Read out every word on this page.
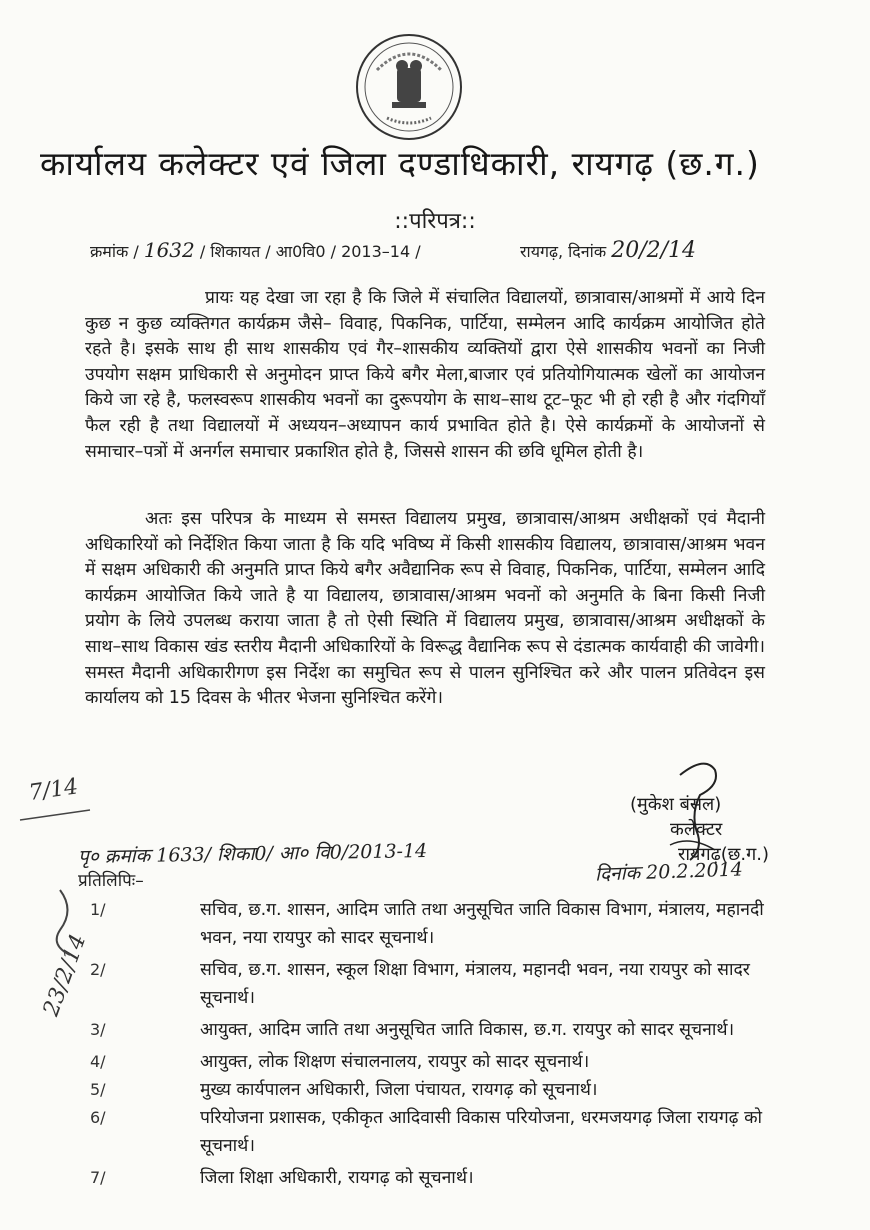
कार्यालय कलेक्टर एवं जिला दण्डाधिकारी, रायगढ़ (छ.ग.)
::परिपत्र::
क्रमांक / 1632 / शिकायत / आ0वि0 / 2013–14 /	रायगढ़, दिनांक 20/2/14
प्रायः यह देखा जा रहा है कि जिले में संचालित विद्यालयों, छात्रावास/आश्रमों में आये दिन कुछ न कुछ व्यक्तिगत कार्यक्रम जैसे– विवाह, पिकनिक, पार्टिया, सम्मेलन आदि कार्यक्रम आयोजित होते रहते है। इसके साथ ही साथ शासकीय एवं गैर–शासकीय व्यक्तियों द्वारा ऐसे शासकीय भवनों का निजी उपयोग सक्षम प्राधिकारी से अनुमोदन प्राप्त किये बगैर मेला,बाजार एवं प्रतियोगियात्मक खेलों का आयोजन किये जा रहे है, फलस्वरूप शासकीय भवनों का दुरूपयोग के साथ–साथ टूट–फूट भी हो रही है और गंदगियाँ फैल रही है तथा विद्यालयों में अध्ययन–अध्यापन कार्य प्रभावित होते है। ऐसे कार्यक्रमों के आयोजनों से समाचार–पत्रों में अनर्गल समाचार प्रकाशित होते है, जिससे शासन की छवि धूमिल होती है।
अतः इस परिपत्र के माध्यम से समस्त विद्यालय प्रमुख, छात्रावास/आश्रम अधीक्षकों एवं मैदानी अधिकारियों को निर्देशित किया जाता है कि यदि भविष्य में किसी शासकीय विद्यालय, छात्रावास/आश्रम भवन में सक्षम अधिकारी की अनुमति प्राप्त किये बगैर अवैद्यानिक रूप से विवाह, पिकनिक, पार्टिया, सम्मेलन आदि कार्यक्रम आयोजित किये जाते है या विद्यालय, छात्रावास/आश्रम भवनों को अनुमति के बिना किसी निजी प्रयोग के लिये उपलब्ध कराया जाता है तो ऐसी स्थिति में विद्यालय प्रमुख, छात्रावास/आश्रम अधीक्षकों के साथ–साथ विकास खंड स्तरीय मैदानी अधिकारियों के विरूद्ध वैद्यानिक रूप से दंडात्मक कार्यवाही की जावेगी। समस्त मैदानी अधिकारीगण इस निर्देश का समुचित रूप से पालन सुनिश्चित करे और पालन प्रतिवेदन इस कार्यालय को 15 दिवस के भीतर भेजना सुनिश्चित करेंगे।
(मुकेश बंसल)
कलेक्टर
रायगढ़(छ.ग.)
पृ० क्रमांक 1633/ शिका0/ आ० वि0/2013-14
दिनांक 20.2.2014
प्रतिलिपिः–
7/14
23/2/14
1/	सचिव, छ.ग. शासन, आदिम जाति तथा अनुसूचित जाति विकास विभाग, मंत्रालय, महानदी भवन, नया रायपुर को सादर सूचनार्थ।
2/	सचिव, छ.ग. शासन, स्कूल शिक्षा विभाग, मंत्रालय, महानदी भवन, नया रायपुर को सादर सूचनार्थ।
3/	आयुक्त, आदिम जाति तथा अनुसूचित जाति विकास, छ.ग. रायपुर को सादर सूचनार्थ।
4/	आयुक्त, लोक शिक्षण संचालनालय, रायपुर को सादर सूचनार्थ।
5/	मुख्य कार्यपालन अधिकारी, जिला पंचायत, रायगढ़ को सूचनार्थ।
6/	परियोजना प्रशासक, एकीकृत आदिवासी विकास परियोजना, धरमजयगढ़ जिला रायगढ़ को सूचनार्थ।
7/	जिला शिक्षा अधिकारी, रायगढ़ को सूचनार्थ।
